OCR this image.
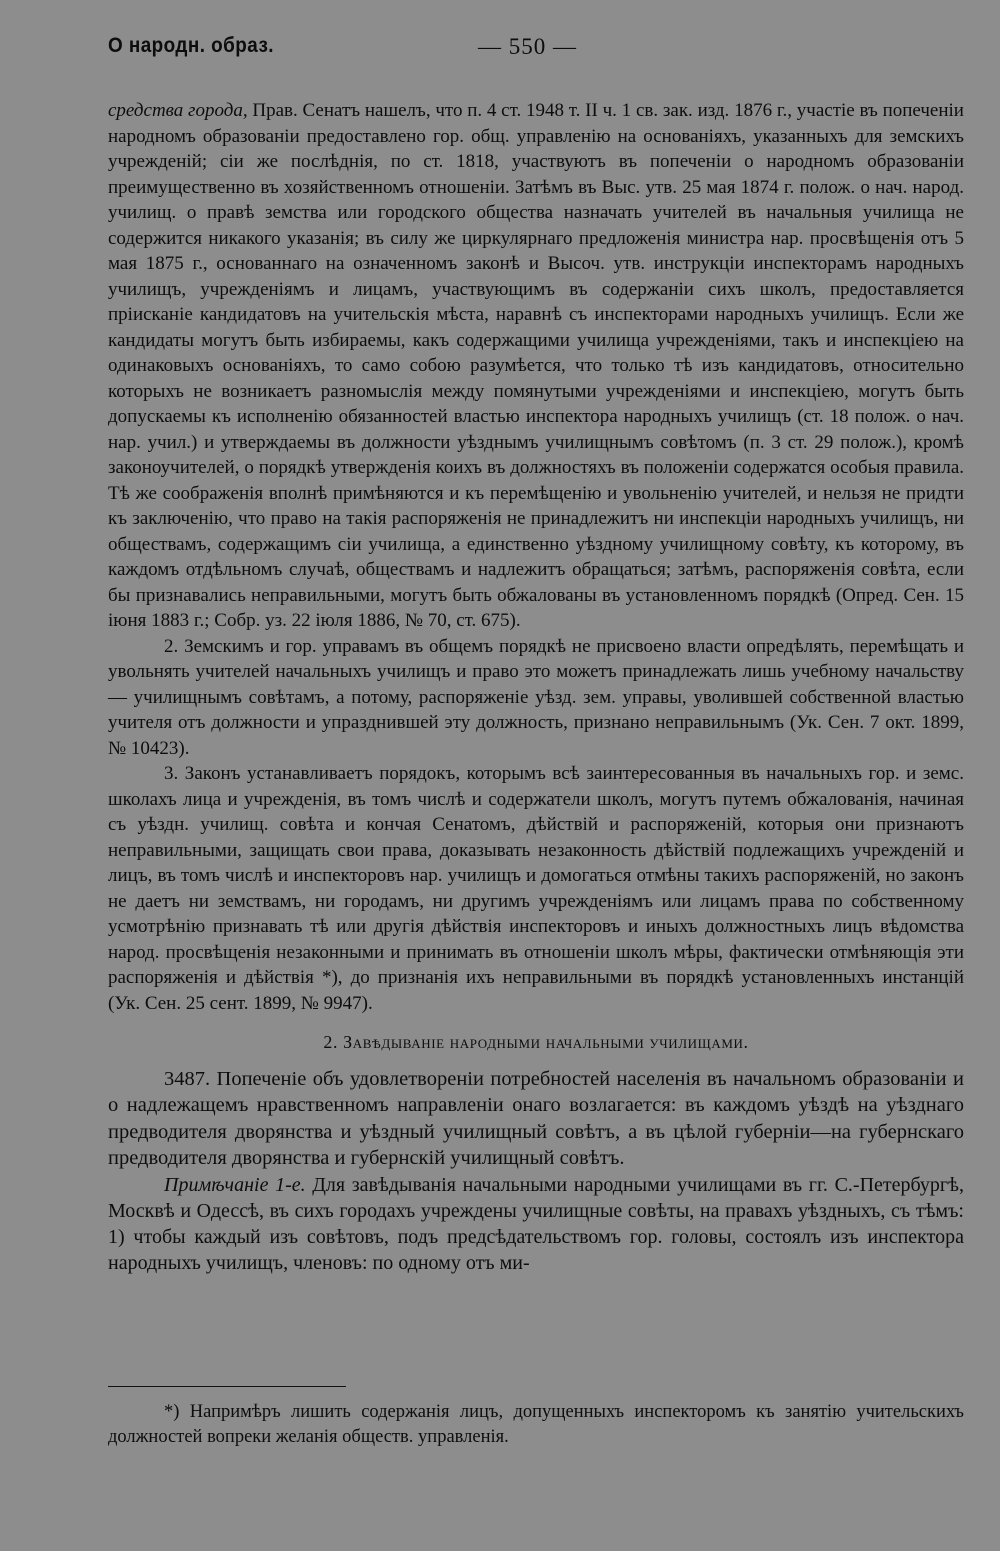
О народн. образ.	— 550 —

средства города, Прав. Сенатъ нашелъ, что п. 4 ст. 1948 т. II ч. 1 св. зак. изд. 1876 г., участіе въ попеченіи народномъ образованіи предоставлено гор. общ. управленію на основаніяхъ, указанныхъ для земскихъ учрежденій; сіи же послѣднія, по ст. 1818, участвуютъ въ попеченіи о народномъ образованіи преимущественно въ хозяйственномъ отношеніи. Затѣмъ въ Выс. утв. 25 мая 1874 г. полож. о нач. народ. училищ. о правѣ земства или городского общества назначать учителей въ начальныя училища не содержится никакого указанія; въ силу же циркулярнаго предложенія министра нар. просвѣщенія отъ 5 мая 1875 г., основаннаго на означенномъ законѣ и Высоч. утв. инструкціи инспекторамъ народныхъ училищъ, учрежденіямъ и лицамъ, участвующимъ въ содержаніи сихъ школъ, предоставляется прiисканіе кандидатовъ на учительскія мѣста, наравнѣ съ инспекторами народныхъ училищъ. Если же кандидаты могутъ быть избираемы, какъ содержащими училища учрежденіями, такъ и инспекціею на одинаковыхъ основаніяхъ, то само собою разумѣется, что только тѣ изъ кандидатовъ, относительно которыхъ не возникаетъ разномыслія между помянутыми учрежденіями и инспекціею, могутъ быть допускаемы къ исполненію обязанностей властью инспектора народныхъ училищъ (ст. 18 полож. о нач. нар. учил.) и утверждаемы въ должности уѣзднымъ училищнымъ совѣтомъ (п. 3 ст. 29 полож.), кромѣ законоучителей, о порядкѣ утвержденія коихъ въ должностяхъ въ положеніи содержатся особыя правила. Тѣ же соображенія вполнѣ примѣняются и къ перемѣщенію и увольненію учителей, и нельзя не придти къ заключенію, что право на такія распоряженія не принадлежитъ ни инспекціи народныхъ училищъ, ни обществамъ, содержащимъ сіи училища, а единственно уѣздному училищному совѣту, къ которому, въ каждомъ отдѣльномъ случаѣ, обществамъ и надлежитъ обращаться; затѣмъ, распоряженія совѣта, если бы признавались неправильными, могутъ быть обжалованы въ установленномъ порядкѣ (Опред. Сен. 15 іюня 1883 г.; Собр. уз. 22 іюля 1886, № 70, ст. 675).

2. Земскимъ и гор. управамъ въ общемъ порядкѣ не присвоено власти опредѣлять, перемѣщать и увольнять учителей начальныхъ училищъ и право это можетъ принадлежать лишь учебному начальству — училищнымъ совѣтамъ, а потому, распоряженіе уѣзд. зем. управы, уволившей собственной властью учителя отъ должности и упразднившей эту должность, признано неправильнымъ (Ук. Сен. 7 окт. 1899, № 10423).

3. Законъ устанавливаетъ порядокъ, которымъ всѣ заинтересованныя въ начальныхъ гор. и земс. школахъ лица и учрежденія, въ томъ числѣ и содержатели школъ, могутъ путемъ обжалованія, начиная съ уѣздн. училищ. совѣта и кончая Сенатомъ, дѣйствій и распоряженій, которыя они признаютъ неправильными, защищать свои права, доказывать незаконность дѣйствій подлежащихъ учрежденій и лицъ, въ томъ числѣ и инспекторовъ нар. училищъ и домогаться отмѣны такихъ распоряженій, но законъ не даетъ ни земствамъ, ни городамъ, ни другимъ учрежденіямъ или лицамъ права по собственному усмотрѣнію признавать тѣ или другія дѣйствія инспекторовъ и иныхъ должностныхъ лицъ вѣдомства народ. просвѣщенія незаконными и принимать въ отношеніи школъ мѣры, фактически отмѣняющія эти распоряженія и дѣйствія *), до признанія ихъ неправильными въ порядкѣ установленныхъ инстанцій (Ук. Сен. 25 сент. 1899, № 9947).

2. Завѣдываніе народными начальными училищами.

3487. Попеченіе объ удовлетвореніи потребностей населенія въ начальномъ образованіи и о надлежащемъ нравственномъ направленіи онаго возлагается: въ каждомъ уѣздѣ на уѣзднаго предводителя дворянства и уѣздный училищный совѣтъ, а въ цѣлой губерніи—на губернскаго предводителя дворянства и губернскій училищный совѣтъ.

Примѣчаніе 1-е. Для завѣдыванія начальными народными училищами въ гг. С.-Петербургѣ, Москвѣ и Одессѣ, въ сихъ городахъ учреждены училищные совѣты, на правахъ уѣздныхъ, съ тѣмъ: 1) чтобы каждый изъ совѣтовъ, подъ предсѣдательствомъ гор. головы, состоялъ изъ инспектора народныхъ училищъ, членовъ: по одному отъ ми-

*) Напримѣръ лишить содержанія лицъ, допущенныхъ инспекторомъ къ занятію учительскихъ должностей вопреки желанія обществ. управленія.
